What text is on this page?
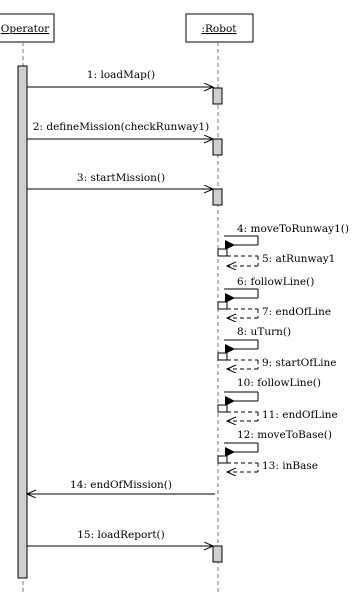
Operator	:Robot
1: loadMap()
2: defineMission(checkRunway1)
3: startMission()
4: moveToRunway1()
5: atRunway1
6: followLine()
7: endOfLine
8: uTurn()
9: startOfLine
10: followLine()
11: endOfLine
12: moveToBase()
13: inBase
14: endOfMission()
15: loadReport()
